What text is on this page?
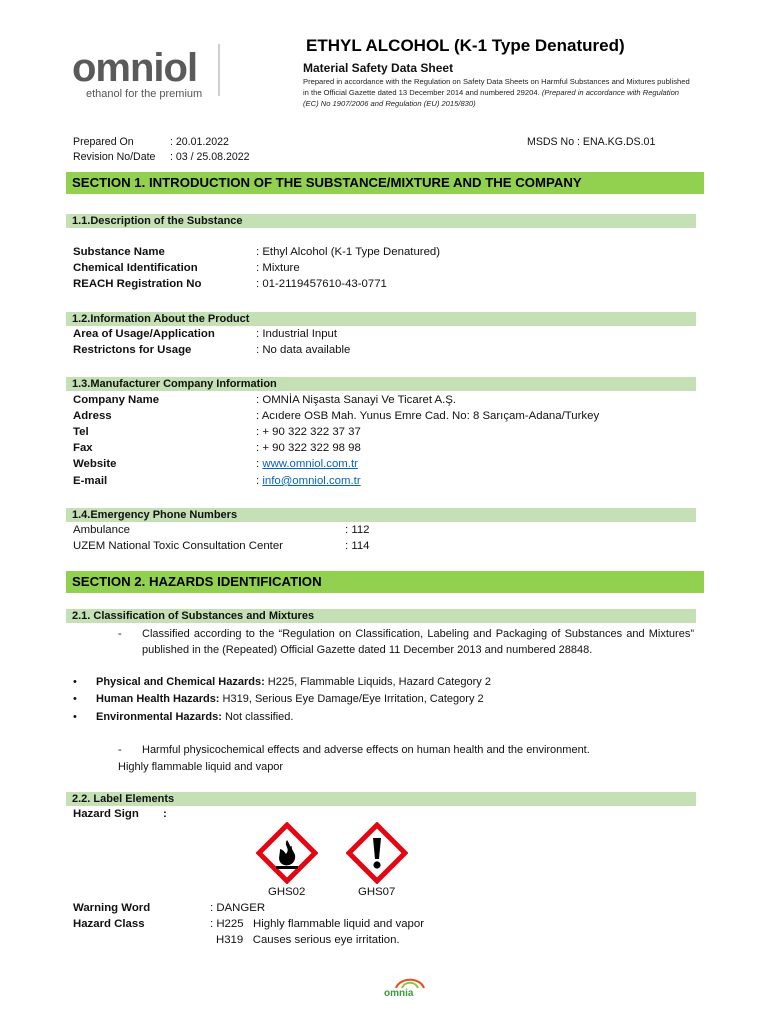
omniol
ethanol for the premium
ETHYL ALCOHOL (K-1 Type Denatured)
Material Safety Data Sheet
Prepared in accordance with the Regulation on Safety Data Sheets on Harmful Substances and Mixtures published in the Official Gazette dated 13 December 2014 and numbered 29204. (Prepared in accordance with Regulation (EC) No 1907/2006 and Regulation (EU) 2015/830)
Prepared On	: 20.01.2022
Revision No/Date : 03 / 25.08.2022
MSDS No : ENA.KG.DS.01
SECTION 1. INTRODUCTION OF THE SUBSTANCE/MIXTURE AND THE COMPANY
1.1.Description of the Substance
Substance Name	: Ethyl Alcohol (K-1 Type Denatured)
Chemical Identification	: Mixture
REACH Registration No	: 01-2119457610-43-0771
1.2.Information About the Product
Area of Usage/Application	: Industrial Input
Restrictons for Usage	: No data available
1.3.Manufacturer Company Information
Company Name	: OMNİA Nişasta Sanayi Ve Ticaret A.Ş.
Adress	: Acıdere OSB Mah. Yunus Emre Cad. No: 8 Sarıçam-Adana/Turkey
Tel	: + 90 322 322 37 37
Fax	: + 90 322 322 98 98
Website	: www.omniol.com.tr
E-mail	: info@omniol.com.tr
1.4.Emergency Phone Numbers
Ambulance	: 112
UZEM National Toxic Consultation Center	: 114
SECTION 2. HAZARDS IDENTIFICATION
2.1. Classification of Substances and Mixtures
- Classified according to the “Regulation on Classification, Labeling and Packaging of Substances and Mixtures” published in the (Repeated) Official Gazette dated 11 December 2013 and numbered 28848.
• Physical and Chemical Hazards: H225, Flammable Liquids, Hazard Category 2
• Human Health Hazards: H319, Serious Eye Damage/Eye Irritation, Category 2
• Environmental Hazards: Not classified.
- Harmful physicochemical effects and adverse effects on human health and the environment.
Highly flammable liquid and vapor
2.2. Label Elements
Hazard Sign :
GHS02	GHS07
Warning Word	: DANGER
Hazard Class	: H225   Highly flammable liquid and vapor
H319   Causes serious eye irritation.
omnia
